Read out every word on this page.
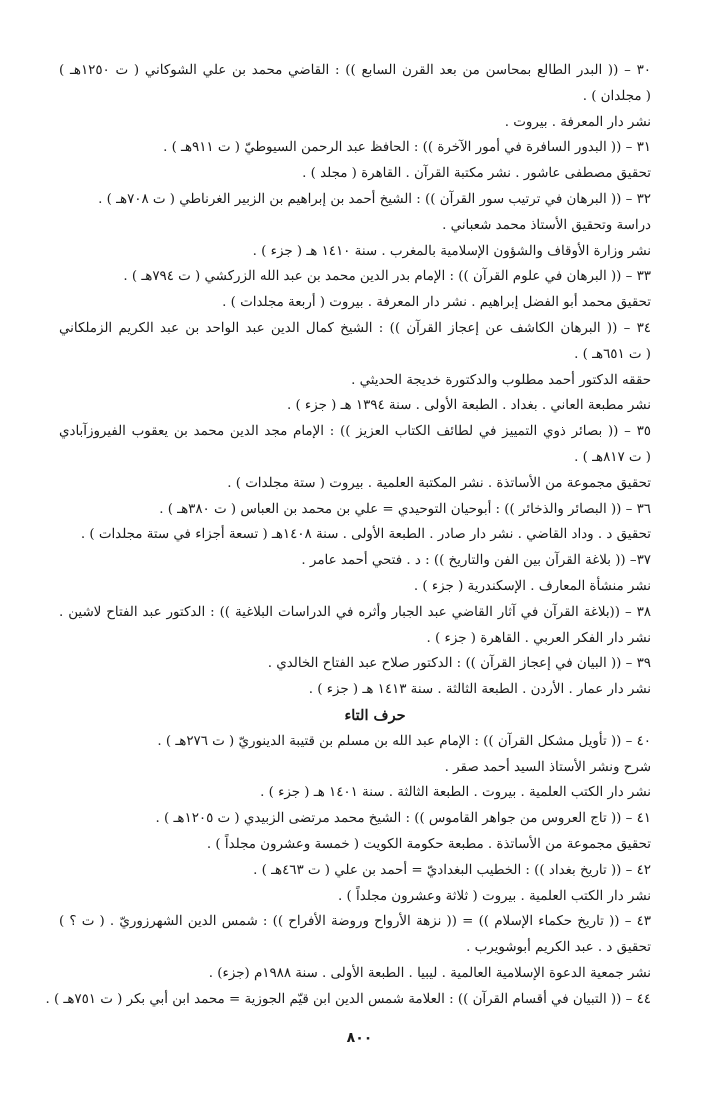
٣٠ – (( البدر الطالع بمحاسن من بعد القرن السابع )) : القاضي محمد بن علي الشوكاني ( ت ١٢٥٠هـ )
( مجلدان ) .
نشر دار المعرفة . بيروت .
٣١ – (( البدور السافرة في أمور الآخرة )) : الحافظ عبد الرحمن السيوطيّ ( ت ٩١١هـ ) .
تحقيق مصطفى عاشور . نشر مكتبة القرآن . القاهرة ( مجلد ) .
٣٢ – (( البرهان في ترتيب سور القرآن )) : الشيخ أحمد بن إبراهيم بن الزبير الغرناطي ( ت ٧٠٨هـ ) .
دراسة وتحقيق الأستاذ محمد شعباني .
نشر وزارة الأوقاف والشؤون الإسلامية بالمغرب . سنة ١٤١٠ هـ ( جزء ) .
٣٣ – (( البرهان في علوم القرآن )) : الإمام بدر الدين محمد بن عبد الله الزركشي ( ت ٧٩٤هـ ) .
تحقيق محمد أبو الفضل إبراهيم . نشر دار المعرفة . بيروت ( أربعة مجلدات ) .
٣٤ – (( البرهان الكاشف عن إعجاز القرآن )) : الشيخ كمال الدين عبد الواحد بن عبد الكريم الزملكاني
( ت ٦٥١هـ ) .
حققه الدكتور أحمد مطلوب والدكتورة خديجة الحديثي .
نشر مطبعة العاني . بغداد . الطبعة الأولى . سنة ١٣٩٤ هـ ( جزء ) .
٣٥ – (( بصائر ذوي التمييز في لطائف الكتاب العزيز )) : الإمام مجد الدين محمد بن يعقوب الفيروزآبادي
( ت ٨١٧هـ ) .
تحقيق مجموعة من الأساتذة . نشر المكتبة العلمية . بيروت ( ستة مجلدات ) .
٣٦ – (( البصائر والذخائر )) : أبوحيان التوحيدي = علي بن محمد بن العباس ( ت ٣٨٠هـ ) .
تحقيق د . وداد القاضي . نشر دار صادر . الطبعة الأولى . سنة ١٤٠٨هـ ( تسعة أجزاء في ستة مجلدات ) .
٣٧– (( بلاغة القرآن بين الفن والتاريخ )) : د . فتحي أحمد عامر .
نشر منشأة المعارف . الإسكندرية ( جزء ) .
٣٨ – ((بلاغة القرآن في آثار القاضي عبد الجبار وأثره في الدراسات البلاغية )) : الدكتور عبد الفتاح لاشين .
نشر دار الفكر العربي . القاهرة ( جزء ) .
٣٩ – (( البيان في إعجاز القرآن )) : الدكتور صلاح عبد الفتاح الخالدي .
نشر دار عمار . الأردن . الطبعة الثالثة . سنة ١٤١٣ هـ ( جزء ) .
حرف التاء
٤٠ – (( تأويل مشكل القرآن )) : الإمام عبد الله بن مسلم بن قتيبة الدينوريّ ( ت ٢٧٦هـ ) .
شرح ونشر الأستاذ السيد أحمد صقر .
نشر دار الكتب العلمية . بيروت . الطبعة الثالثة . سنة ١٤٠١ هـ ( جزء ) .
٤١ – (( تاج العروس من جواهر القاموس )) : الشيخ محمد مرتضى الزبيدي ( ت ١٢٠٥هـ ) .
تحقيق مجموعة من الأساتذة . مطبعة حكومة الكويت ( خمسة وعشرون مجلداً ) .
٤٢ – (( تاريخ بغداد )) : الخطيب البغداديّ = أحمد بن علي ( ت ٤٦٣هـ ) .
نشر دار الكتب العلمية . بيروت ( ثلاثة وعشرون مجلداً ) .
٤٣ – (( تاريخ حكماء الإسلام )) = (( نزهة الأرواح وروضة الأفراح )) : شمس الدين الشهرزوريّ . ( ت ؟ )
تحقيق د . عبد الكريم أبوشويرب .
نشر جمعية الدعوة الإسلامية العالمية . ليبيا . الطبعة الأولى . سنة ١٩٨٨م (جزء) .
٤٤ – (( التبيان في أقسام القرآن )) : العلامة شمس الدين ابن قيّم الجوزية = محمد ابن أبي بكر ( ت ٧٥١هـ ) .
٨٠٠
